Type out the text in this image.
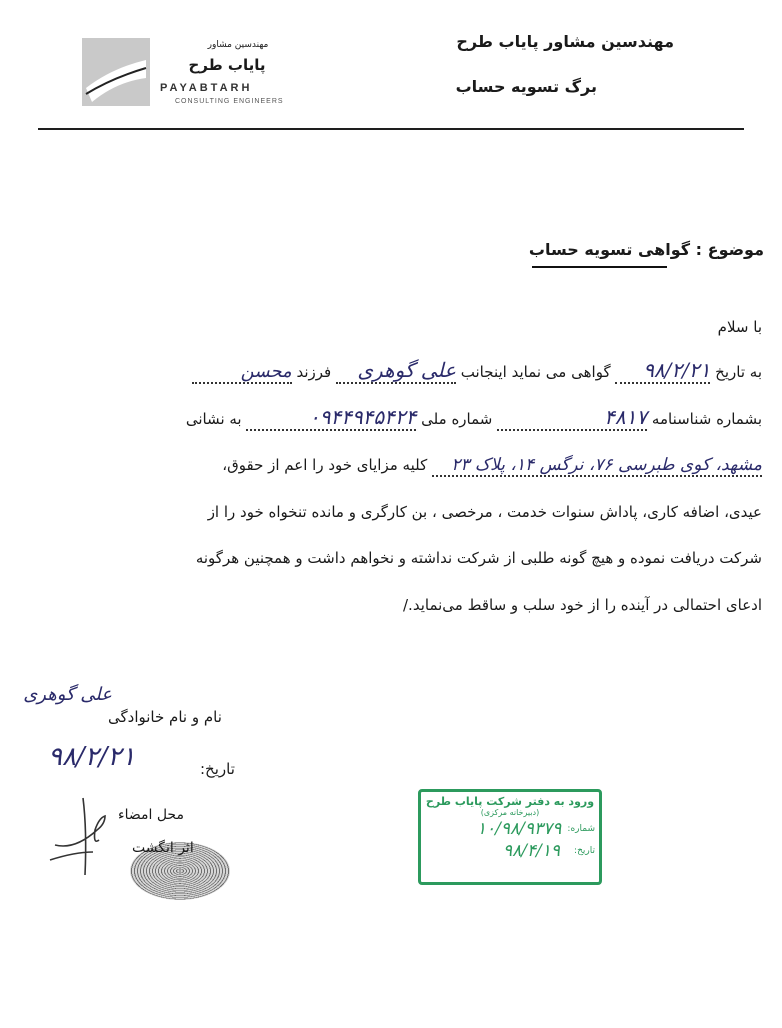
مهندسین مشاور
پایاب طرح
PAYABTARH
CONSULTING ENGINEERS
مهندسین مشاور پایاب طرح
برگ تسویه حساب
موضوع : گواهی تسویه حساب
با سلام
به تاریخ ۹۸/۲/۲۱ گواهی می نماید اینجانب علی گوهری فرزند محسن
بشماره شناسنامه ۴۸۱۷ شماره ملی ۰۹۴۴۹۴۵۴۲۴ به نشانی
مشهد، کوی طبرسی ۷۶، نرگس ۱۴، پلاک ۲۳ کلیه مزایای خود را اعم از حقوق،
عیدی، اضافه کاری، پاداش سنوات خدمت ، مرخصی ، بن کارگری و مانده تنخواه خود را از
شرکت دریافت نموده و هیچ گونه طلبی از شرکت نداشته و نخواهم داشت و همچنین هرگونه
ادعای احتمالی در آینده را از خود سلب و ساقط می‌نماید./
علی گوهری
نام و نام خانوادگی
۹۸/۲/۲۱	تاریخ:
محل امضاء
اثر انگشت
ورود به دفتر شرکت پایاب طرح
(دبیرخانه مرکزی)
شماره:
۱۰/۹۸/۹۳۷۹
تاریخ:
۹۸/۴/۱۹
